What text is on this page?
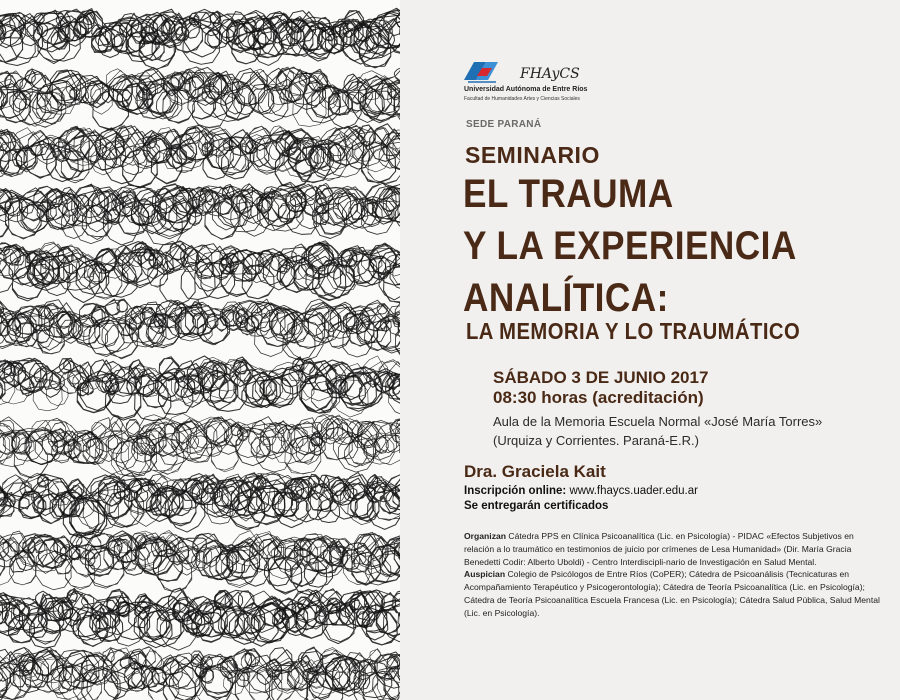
FHAyCS
Universidad Autónoma de Entre Ríos
Facultad de Humanidades Artes y Ciencias Sociales
SEDE PARANÁ
SEMINARIO
EL TRAUMA
Y LA EXPERIENCIA
ANALÍTICA:
LA MEMORIA Y LO TRAUMÁTICO
SÁBADO 3 DE JUNIO 2017
08:30 horas (acreditación)
Aula de la Memoria Escuela Normal «José María Torres»
(Urquiza y Corrientes. Paraná-E.R.)
Dra. Graciela Kait
Inscripción online: www.fhaycs.uader.edu.ar
Se entregarán certificados
Organizan Cátedra PPS en Clínica Psicoanalítica (Lic. en Psicología) - PIDAC «Efectos Subjetivos en relación a lo traumático en testimonios de juicio por crímenes de Lesa Humanidad» (Dir. María Gracia Benedetti Codir: Alberto Uboldi) - Centro Interdiscipli-nario de Investigación en Salud Mental.
Auspician Colegio de Psicólogos de Entre Ríos (CoPER); Cátedra de Psicoanálisis (Tecnicaturas en Acompañamiento Terapéutico y Psicogerontología); Cátedra de Teoría Psicoanalítica (Lic. en Psicología); Cátedra de Teoría Psicoanalítica Escuela Francesa (Lic. en Psicología); Cátedra Salud Pública, Salud Mental (Lic. en Psicología).
